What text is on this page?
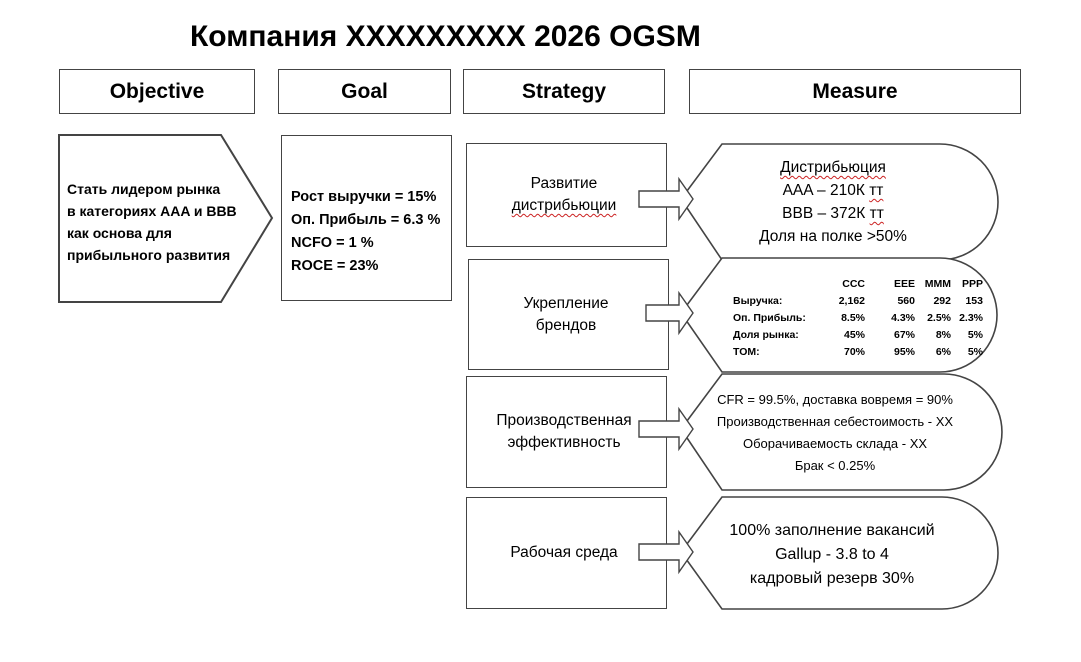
Компания XXXXXXXXX 2026 OGSM
Objective	Goal	Strategy	Measure
Стать лидером рынка
в категориях AAA и BBB
как основа для
прибыльного развития
Рост выручки = 15%
Оп. Прибыль = 6.3 %
NCFO = 1 %
ROCE = 23%
Развитие
дистрибьюции
Укрепление
брендов
Производственная
эффективность
Рабочая среда
Дистрибьюция
AAA – 210К тт
BBB – 372К тт
Доля на полке >50%
	CCC	EEE	MMM	PPP
Выручка:	2,162	560	292	153
Оп. Прибыль:	8.5%	4.3%	2.5%	2.3%
Доля рынка:	45%	67%	8%	5%
TOM:	70%	95%	6%	5%
CFR = 99.5%, доставка вовремя = 90%
Производственная себестоимость - XX
Оборачиваемость склада - XX
Брак < 0.25%
100% заполнение вакансий
Gallup - 3.8 to 4
кадровый резерв 30%
